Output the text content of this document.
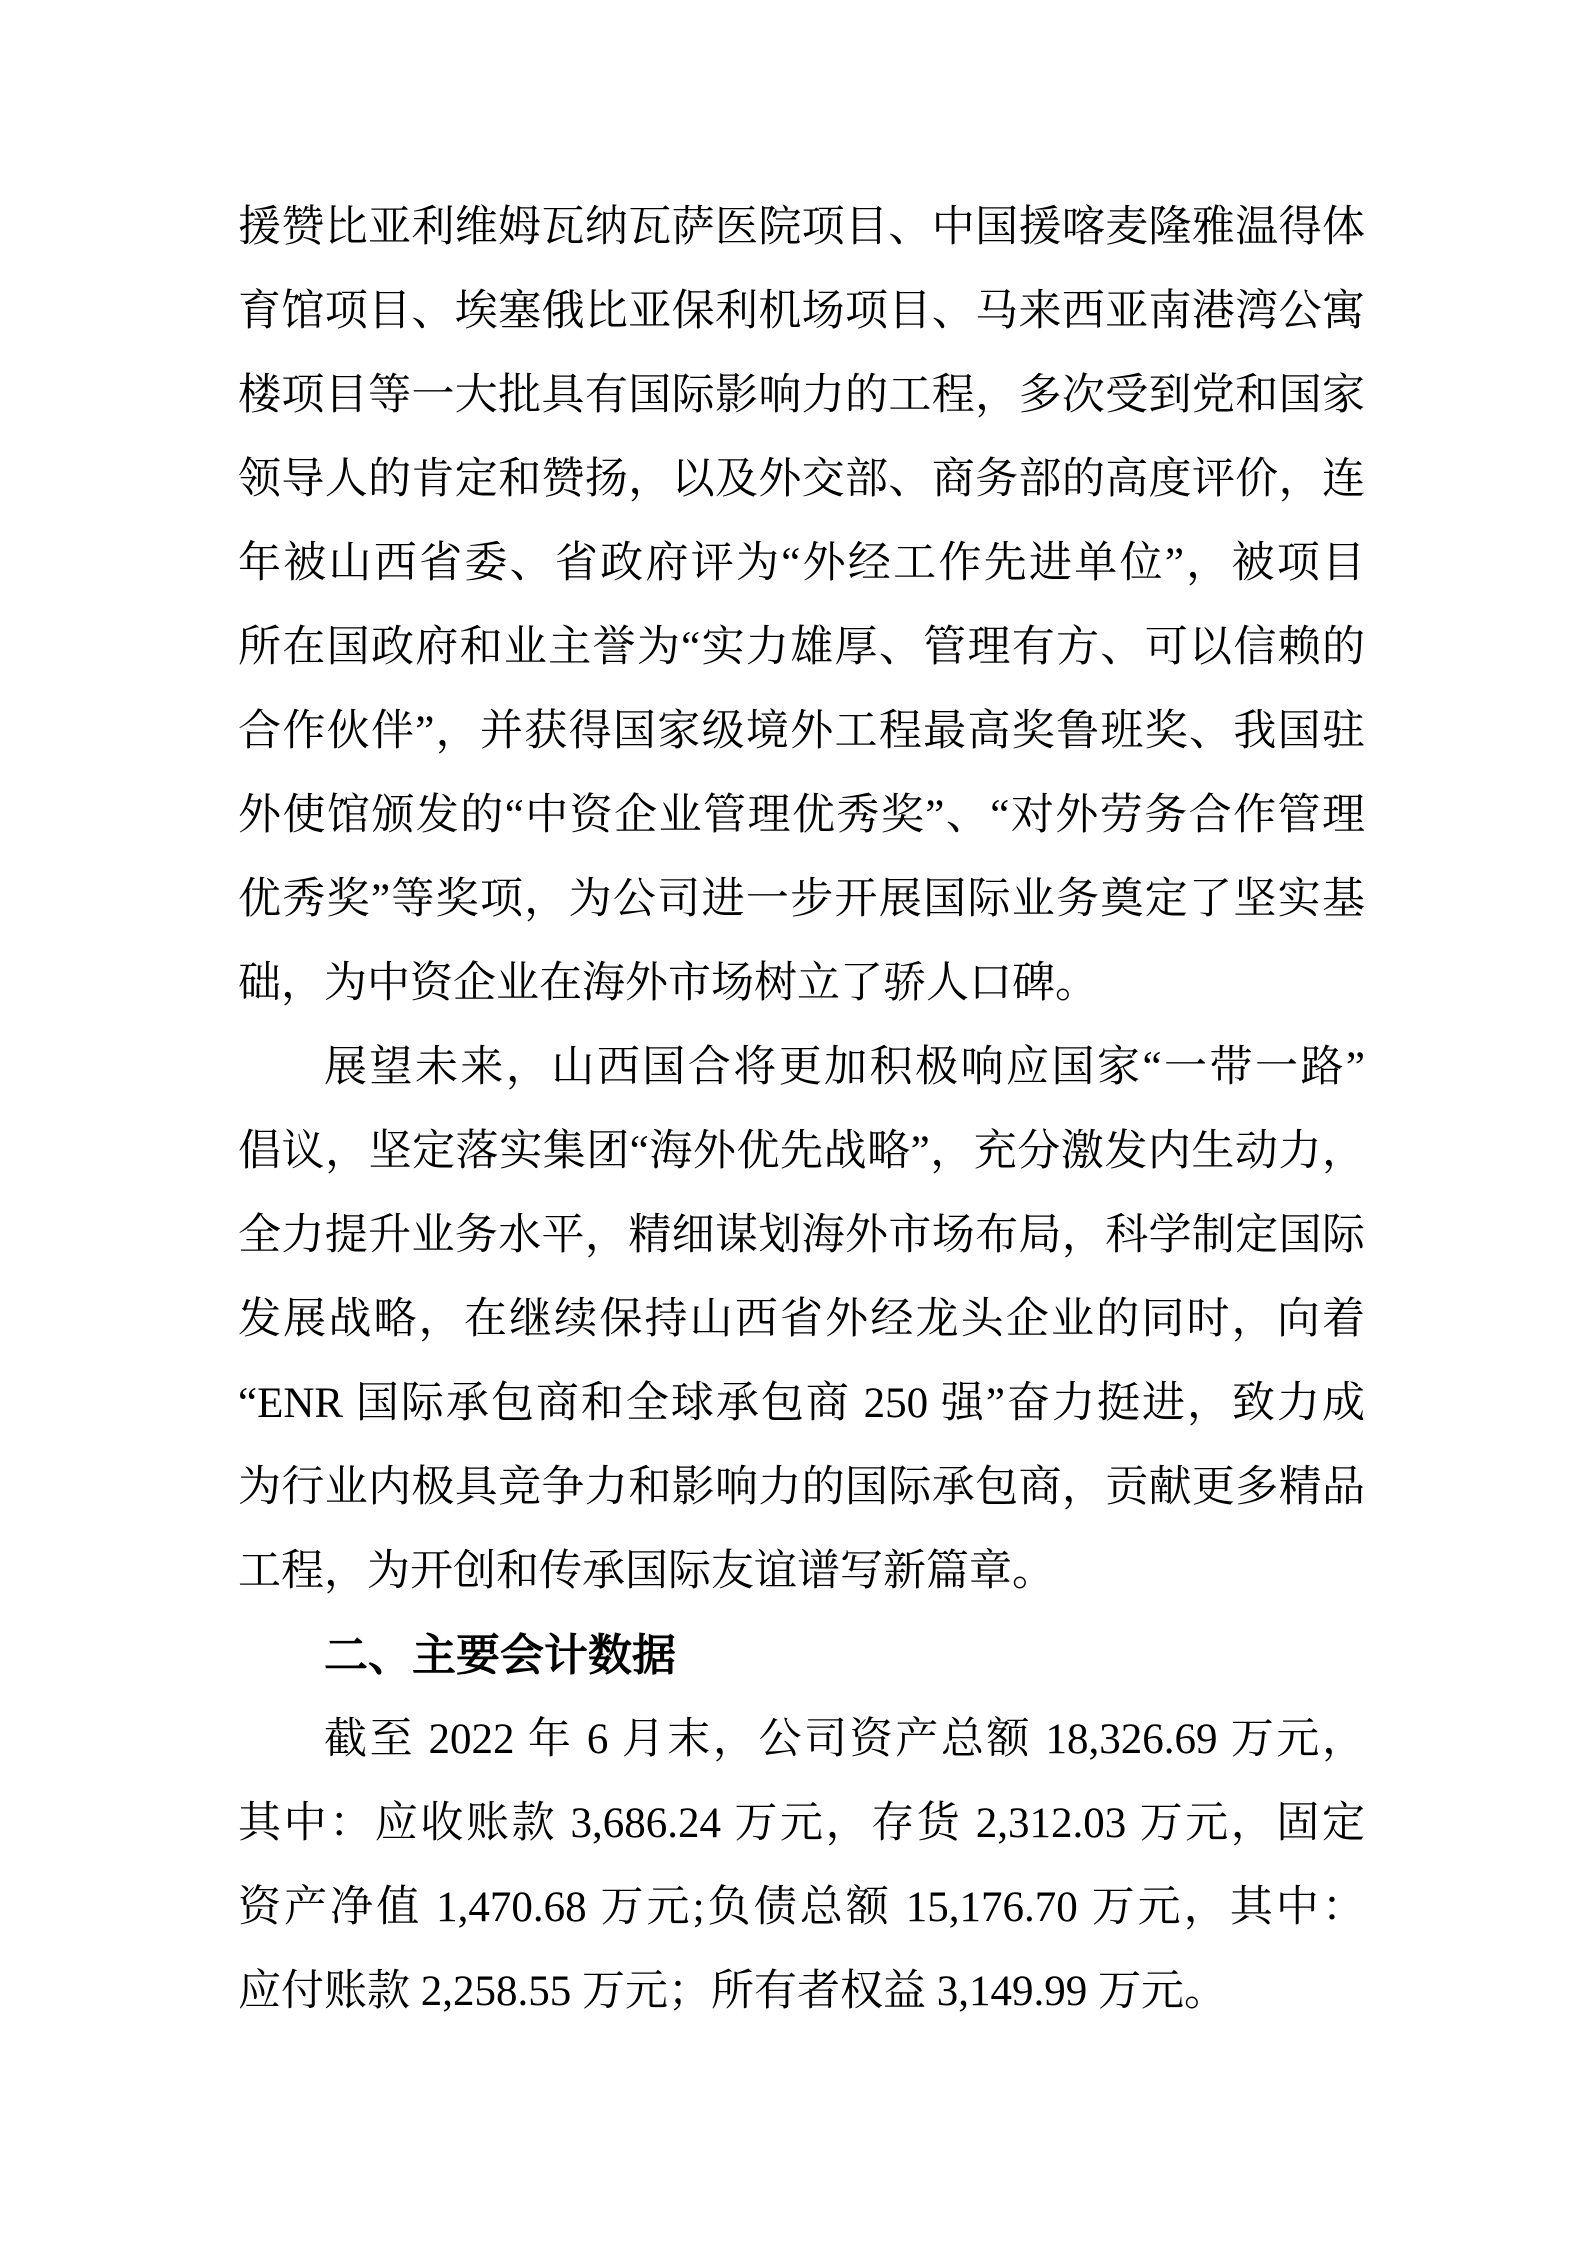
援赞比亚利维姆瓦纳瓦萨医院项目、中国援喀麦隆雅温得体
育馆项目、埃塞俄比亚保利机场项目、马来西亚南港湾公寓
楼项目等一大批具有国际影响力的工程，多次受到党和国家
领导人的肯定和赞扬，以及外交部、商务部的高度评价，连
年被山西省委、省政府评为“外经工作先进单位”，被项目
所在国政府和业主誉为“实力雄厚、管理有方、可以信赖的
合作伙伴”，并获得国家级境外工程最高奖鲁班奖、我国驻
外使馆颁发的“中资企业管理优秀奖”、“对外劳务合作管理
优秀奖”等奖项，为公司进一步开展国际业务奠定了坚实基
础，为中资企业在海外市场树立了骄人口碑。
展望未来，山西国合将更加积极响应国家“一带一路”
倡议，坚定落实集团“海外优先战略”，充分激发内生动力，
全力提升业务水平，精细谋划海外市场布局，科学制定国际
发展战略，在继续保持山西省外经龙头企业的同时，向着
“ENR 国际承包商和全球承包商 250 强”奋力挺进，致力成
为行业内极具竞争力和影响力的国际承包商，贡献更多精品
工程，为开创和传承国际友谊谱写新篇章。
二、主要会计数据
截至 2022 年 6 月末，公司资产总额 18,326.69 万元，
其中：应收账款 3,686.24 万元，存货 2,312.03 万元，固定
资产净值 1,470.68 万元;负债总额 15,176.70 万元，其中：
应付账款 2,258.55 万元；所有者权益 3,149.99 万元。
